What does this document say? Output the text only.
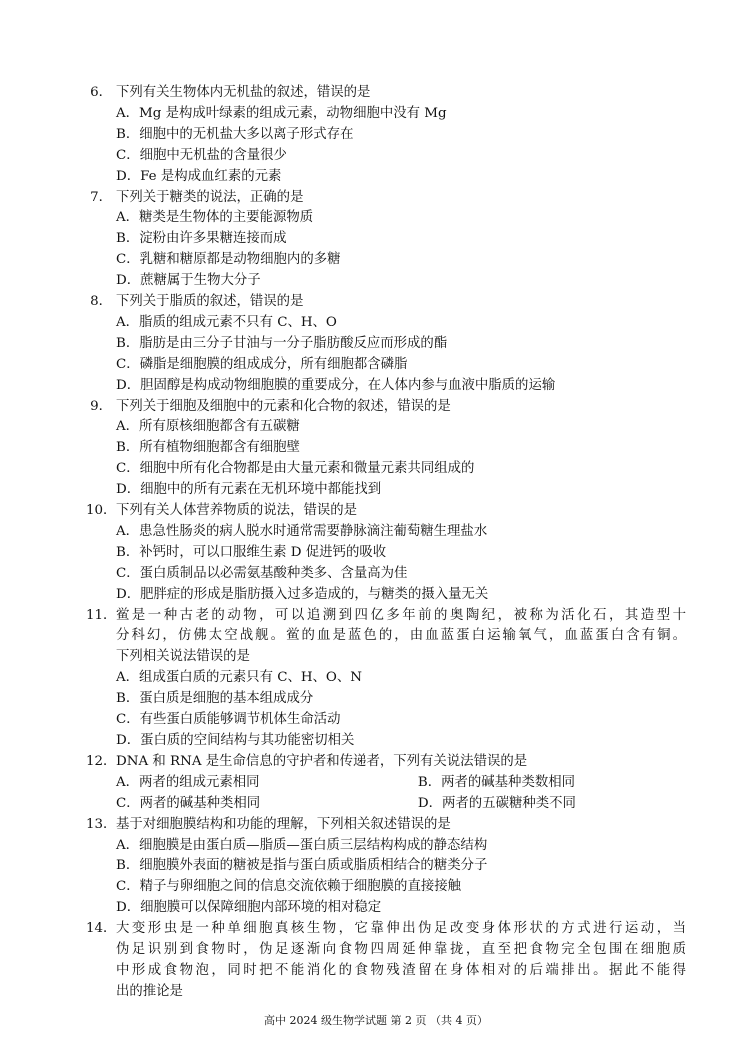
6． 下列有关生物体内无机盐的叙述，错误的是
A．Mg 是构成叶绿素的组成元素，动物细胞中没有 Mg
B．细胞中的无机盐大多以离子形式存在
C．细胞中无机盐的含量很少
D．Fe 是构成血红素的元素
7． 下列关于糖类的说法，正确的是
A．糖类是生物体的主要能源物质
B．淀粉由许多果糖连接而成
C．乳糖和糖原都是动物细胞内的多糖
D．蔗糖属于生物大分子
8． 下列关于脂质的叙述，错误的是
A．脂质的组成元素不只有 C、H、O
B．脂肪是由三分子甘油与一分子脂肪酸反应而形成的酯
C．磷脂是细胞膜的组成成分，所有细胞都含磷脂
D．胆固醇是构成动物细胞膜的重要成分，在人体内参与血液中脂质的运输
9． 下列关于细胞及细胞中的元素和化合物的叙述，错误的是
A．所有原核细胞都含有五碳糖
B．所有植物细胞都含有细胞壁
C．细胞中所有化合物都是由大量元素和微量元素共同组成的
D．细胞中的所有元素在无机环境中都能找到
10． 下列有关人体营养物质的说法，错误的是
A．患急性肠炎的病人脱水时通常需要静脉滴注葡萄糖生理盐水
B．补钙时，可以口服维生素 D 促进钙的吸收
C．蛋白质制品以必需氨基酸种类多、含量高为佳
D．肥胖症的形成是脂肪摄入过多造成的，与糖类的摄入量无关
11． 鲎是一种古老的动物，可以追溯到四亿多年前的奥陶纪，被称为活化石，其造型十
分科幻，仿佛太空战舰。鲎的血是蓝色的，由血蓝蛋白运输氧气，血蓝蛋白含有铜。
下列相关说法错误的是
A．组成蛋白质的元素只有 C、H、O、N
B．蛋白质是细胞的基本组成成分
C．有些蛋白质能够调节机体生命活动
D．蛋白质的空间结构与其功能密切相关
12． DNA 和 RNA 是生命信息的守护者和传递者，下列有关说法错误的是
A．两者的组成元素相同	B．两者的碱基种类数相同
C．两者的碱基种类相同	D．两者的五碳糖种类不同
13． 基于对细胞膜结构和功能的理解，下列相关叙述错误的是
A．细胞膜是由蛋白质—脂质—蛋白质三层结构构成的静态结构
B．细胞膜外表面的糖被是指与蛋白质或脂质相结合的糖类分子
C．精子与卵细胞之间的信息交流依赖于细胞膜的直接接触
D．细胞膜可以保障细胞内部环境的相对稳定
14． 大变形虫是一种单细胞真核生物，它靠伸出伪足改变身体形状的方式进行运动，当
伪足识别到食物时，伪足逐渐向食物四周延伸靠拢，直至把食物完全包围在细胞质
中形成食物泡，同时把不能消化的食物残渣留在身体相对的后端排出。据此不能得
出的推论是
高中 2024 级生物学试题 第 2 页 （共 4 页）
